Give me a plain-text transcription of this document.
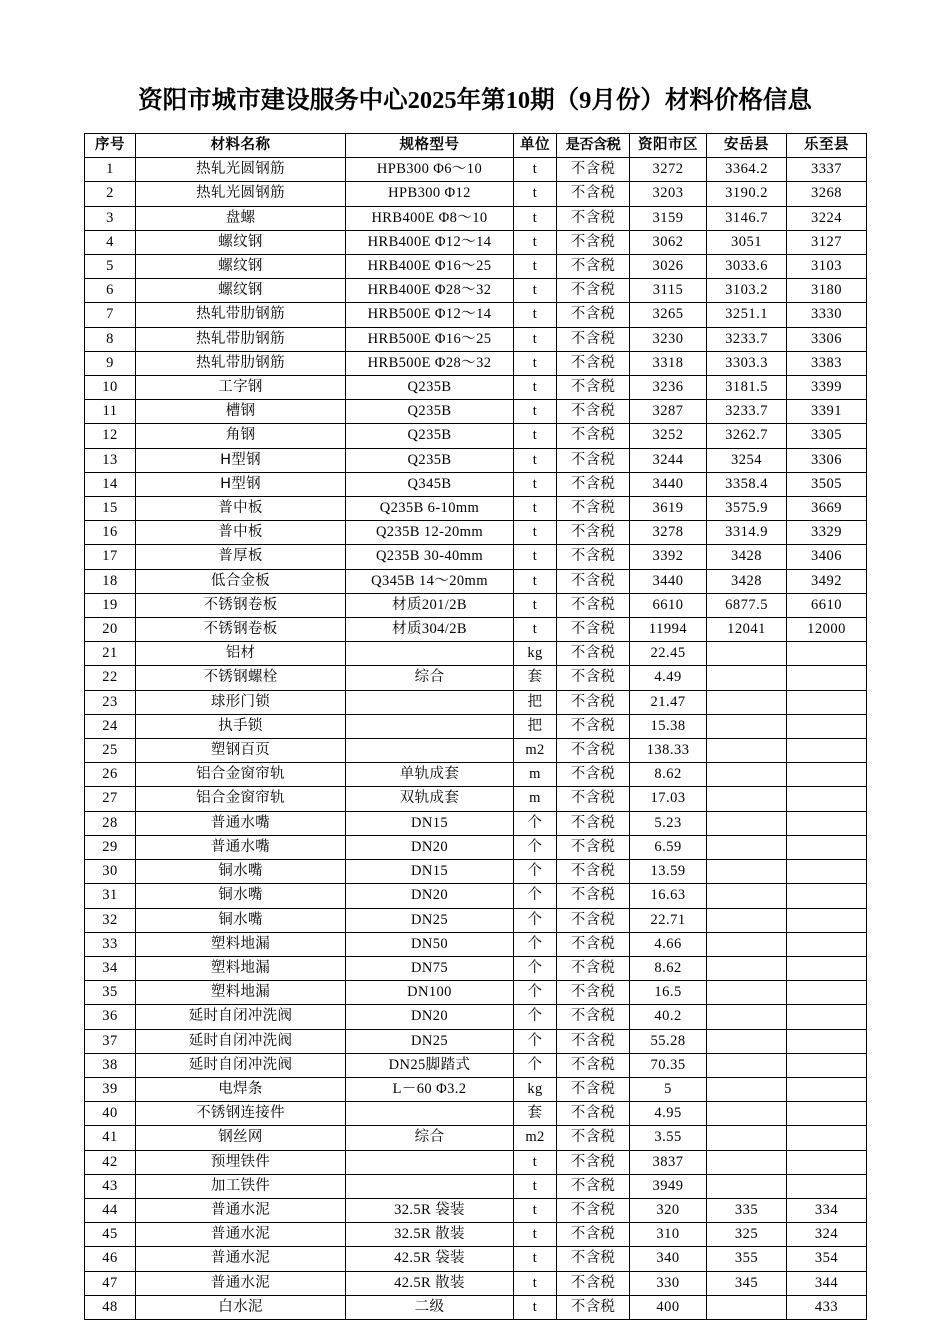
资阳市城市建设服务中心2025年第10期（9月份）材料价格信息
序号	材料名称	规格型号	单位	是否含税	资阳市区	安岳县	乐至县
1	热轧光圆钢筋	HPB300 Φ6～10	t	不含税	3272	3364.2	3337
2	热轧光圆钢筋	HPB300 Φ12	t	不含税	3203	3190.2	3268
3	盘螺	HRB400E Φ8～10	t	不含税	3159	3146.7	3224
4	螺纹钢	HRB400E Φ12～14	t	不含税	3062	3051	3127
5	螺纹钢	HRB400E Φ16～25	t	不含税	3026	3033.6	3103
6	螺纹钢	HRB400E Φ28～32	t	不含税	3115	3103.2	3180
7	热轧带肋钢筋	HRB500E Φ12～14	t	不含税	3265	3251.1	3330
8	热轧带肋钢筋	HRB500E Φ16～25	t	不含税	3230	3233.7	3306
9	热轧带肋钢筋	HRB500E Φ28～32	t	不含税	3318	3303.3	3383
10	工字钢	Q235B	t	不含税	3236	3181.5	3399
11	槽钢	Q235B	t	不含税	3287	3233.7	3391
12	角钢	Q235B	t	不含税	3252	3262.7	3305
13	H型钢	Q235B	t	不含税	3244	3254	3306
14	H型钢	Q345B	t	不含税	3440	3358.4	3505
15	普中板	Q235B 6-10mm	t	不含税	3619	3575.9	3669
16	普中板	Q235B 12-20mm	t	不含税	3278	3314.9	3329
17	普厚板	Q235B 30-40mm	t	不含税	3392	3428	3406
18	低合金板	Q345B 14～20mm	t	不含税	3440	3428	3492
19	不锈钢卷板	材质201/2B	t	不含税	6610	6877.5	6610
20	不锈钢卷板	材质304/2B	t	不含税	11994	12041	12000
21	铝材		kg	不含税	22.45		
22	不锈钢螺栓	综合	套	不含税	4.49		
23	球形门锁		把	不含税	21.47		
24	执手锁		把	不含税	15.38		
25	塑钢百页		m2	不含税	138.33		
26	铝合金窗帘轨	单轨成套	m	不含税	8.62		
27	铝合金窗帘轨	双轨成套	m	不含税	17.03		
28	普通水嘴	DN15	个	不含税	5.23		
29	普通水嘴	DN20	个	不含税	6.59		
30	铜水嘴	DN15	个	不含税	13.59		
31	铜水嘴	DN20	个	不含税	16.63		
32	铜水嘴	DN25	个	不含税	22.71		
33	塑料地漏	DN50	个	不含税	4.66		
34	塑料地漏	DN75	个	不含税	8.62		
35	塑料地漏	DN100	个	不含税	16.5		
36	延时自闭冲洗阀	DN20	个	不含税	40.2		
37	延时自闭冲洗阀	DN25	个	不含税	55.28		
38	延时自闭冲洗阀	DN25脚踏式	个	不含税	70.35		
39	电焊条	L－60 Φ3.2	kg	不含税	5		
40	不锈钢连接件		套	不含税	4.95		
41	钢丝网	综合	m2	不含税	3.55		
42	预埋铁件		t	不含税	3837		
43	加工铁件		t	不含税	3949		
44	普通水泥	32.5R 袋装	t	不含税	320	335	334
45	普通水泥	32.5R 散装	t	不含税	310	325	324
46	普通水泥	42.5R 袋装	t	不含税	340	355	354
47	普通水泥	42.5R 散装	t	不含税	330	345	344
48	白水泥	二级	t	不含税	400		433
